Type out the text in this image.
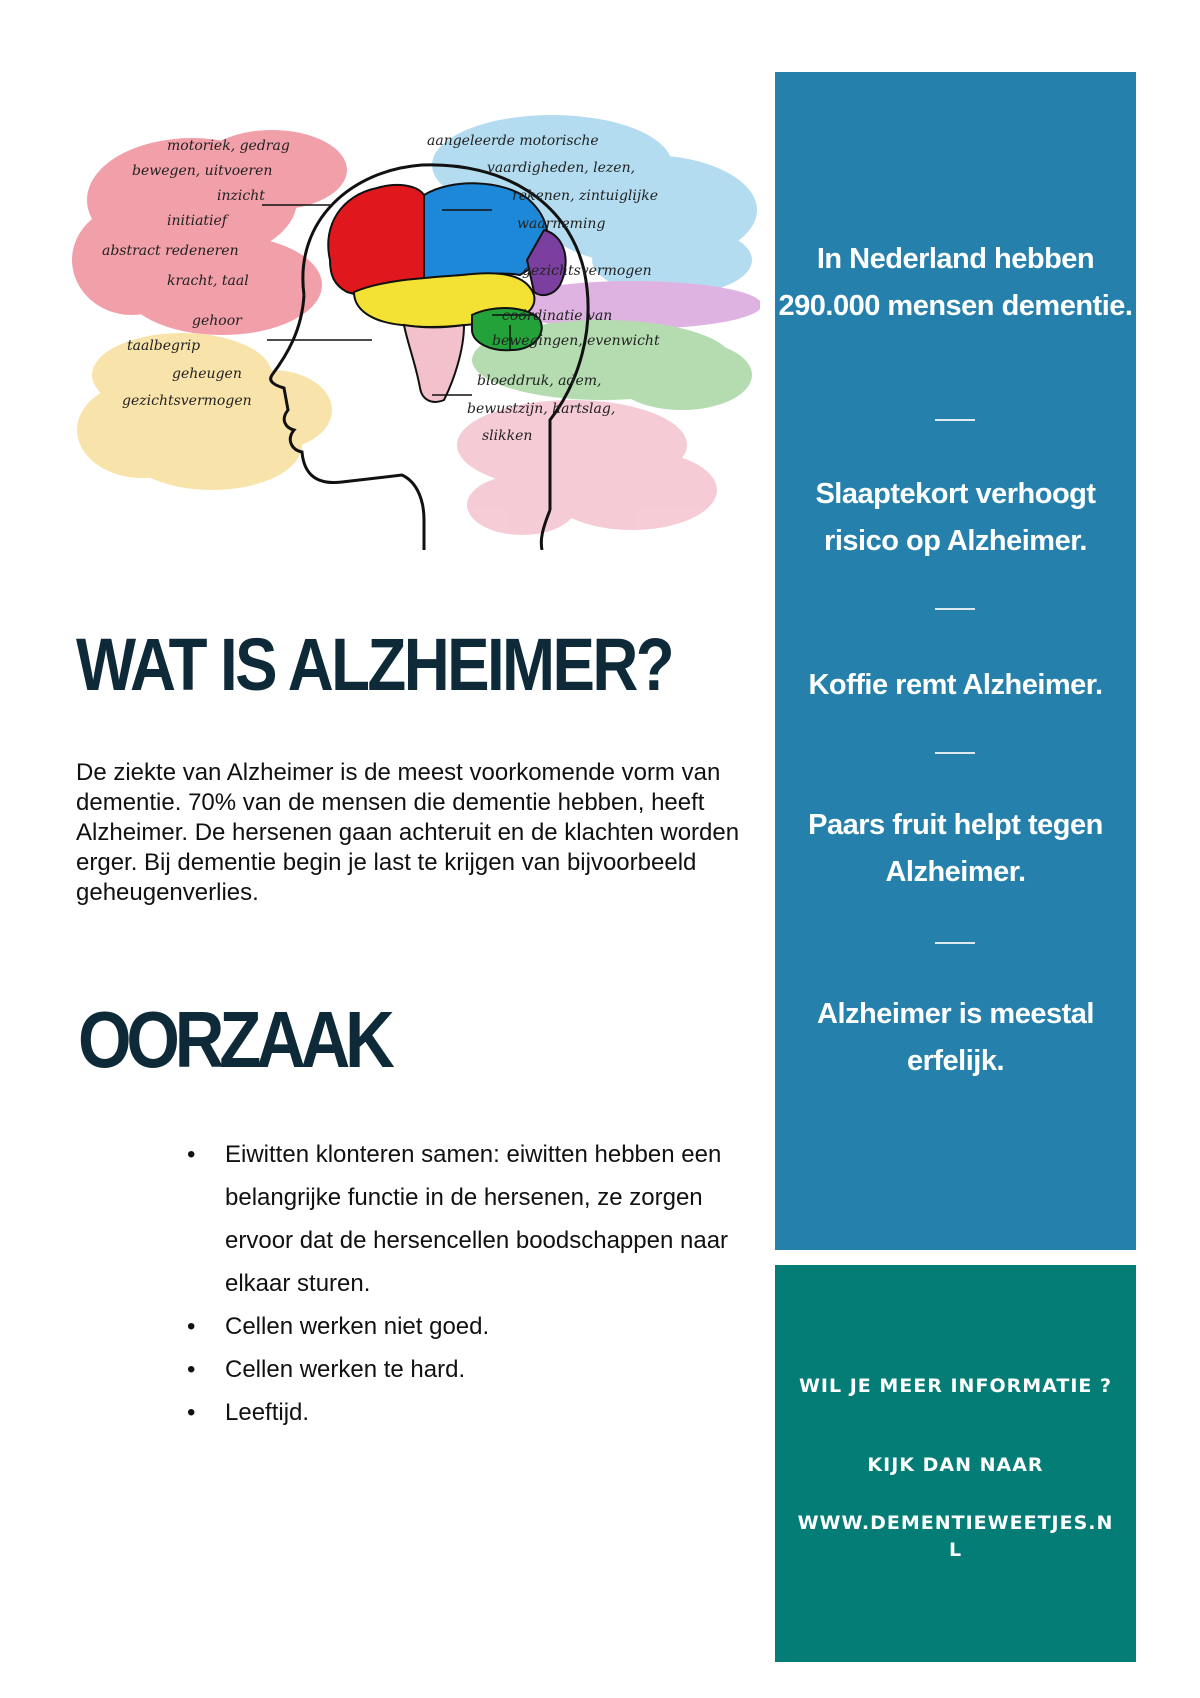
motoriek, gedrag
bewegen, uitvoeren
inzicht
initiatief
abstract redeneren
kracht, taal
aangeleerde motorische
vaardigheden, lezen,
rekenen, zintuiglijke
waarneming
gezichtsvermogen
coördinatie van
bewegingen, evenwicht
gehoor
taalbegrip
geheugen
gezichtsvermogen
bloeddruk, adem,
bewustzijn, hartslag,
slikken
WAT IS ALZHEIMER?

De ziekte van Alzheimer is de meest voorkomende vorm van dementie. 70% van de mensen die dementie hebben, heeft Alzheimer. De hersenen gaan achteruit en de klachten worden erger. Bij dementie begin je last te krijgen van bijvoorbeeld geheugenverlies.

OORZAAK
• Eiwitten klonteren samen: eiwitten hebben een belangrijke functie in de hersenen, ze zorgen ervoor dat de hersencellen boodschappen naar elkaar sturen.
• Cellen werken niet goed.
• Cellen werken te hard.
• Leeftijd.

In Nederland hebben 290.000 mensen dementie.

Slaaptekort verhoogt risico op Alzheimer.

Koffie remt Alzheimer.

Paars fruit helpt tegen Alzheimer.

Alzheimer is meestal erfelijk.

WIL JE MEER INFORMATIE ?

KIJK DAN NAAR

WWW.DEMENTIEWEETJES.NL
